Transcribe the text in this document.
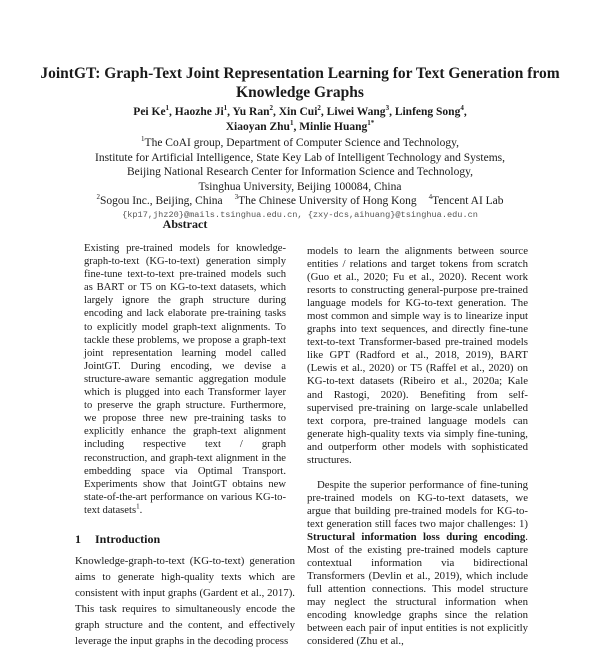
JointGT: Graph-Text Joint Representation Learning for Text Generation from Knowledge Graphs
Pei Ke$^1$, Haozhe Ji$^1$, Yu Ran$^2$, Xin Cui$^2$, Liwei Wang$^3$, Linfeng Song$^4$,
Xiaoyan Zhu$^1$, Minlie Huang$^{1*}$
$^1$The CoAI group, Department of Computer Science and Technology,
Institute for Artificial Intelligence, State Key Lab of Intelligent Technology and Systems,
Beijing National Research Center for Information Science and Technology,
Tsinghua University, Beijing 100084, China
$^2$Sogou Inc., Beijing, China $^3$The Chinese University of Hong Kong $^4$Tencent AI Lab
{kp17,jhz20}@mails.tsinghua.edu.cn, {zxy-dcs,aihuang}@tsinghua.edu.cn
Abstract
Existing pre-trained models for knowledge-graph-to-text (KG-to-text) generation simply fine-tune text-to-text pre-trained models such as BART or T5 on KG-to-text datasets, which largely ignore the graph structure during encoding and lack elaborate pre-training tasks to explicitly model graph-text alignments. To tackle these problems, we propose a graph-text joint representation learning model called JointGT. During encoding, we devise a structure-aware semantic aggregation module which is plugged into each Transformer layer to preserve the graph structure. Furthermore, we propose three new pre-training tasks to explicitly enhance the graph-text alignment including respective text / graph reconstruction, and graph-text alignment in the embedding space via Optimal Transport. Experiments show that JointGT obtains new state-of-the-art performance on various KG-to-text datasets$^1$.
1 Introduction
Knowledge-graph-to-text (KG-to-text) generation aims to generate high-quality texts which are consistent with input graphs (Gardent et al., 2017). This task requires to simultaneously encode the graph structure and the content, and effectively leverage the input graphs in the decoding process

models to learn the alignments between source entities / relations and target tokens from scratch (Guo et al., 2020; Fu et al., 2020). Recent work resorts to constructing general-purpose pre-trained language models for KG-to-text generation. The most common and simple way is to linearize input graphs into text sequences, and directly fine-tune text-to-text Transformer-based pre-trained models like GPT (Radford et al., 2018, 2019), BART (Lewis et al., 2020) or T5 (Raffel et al., 2020) on KG-to-text datasets (Ribeiro et al., 2020a; Kale and Rastogi, 2020). Benefiting from self-supervised pre-training on large-scale unlabelled text corpora, pre-trained language models can generate high-quality texts via simply fine-tuning, and outperform other models with sophisticated structures.

Despite the superior performance of fine-tuning pre-trained models on KG-to-text datasets, we argue that building pre-trained models for KG-to-text generation still faces two major challenges: 1) Structural information loss during encoding. Most of the existing pre-trained models capture contextual information via bidirectional Transformers (Devlin et al., 2019), which include full attention connections. This model structure may neglect the structural information when encoding knowledge graphs since the relation between each pair of input entities is not explicitly considered (Zhu et al.,
